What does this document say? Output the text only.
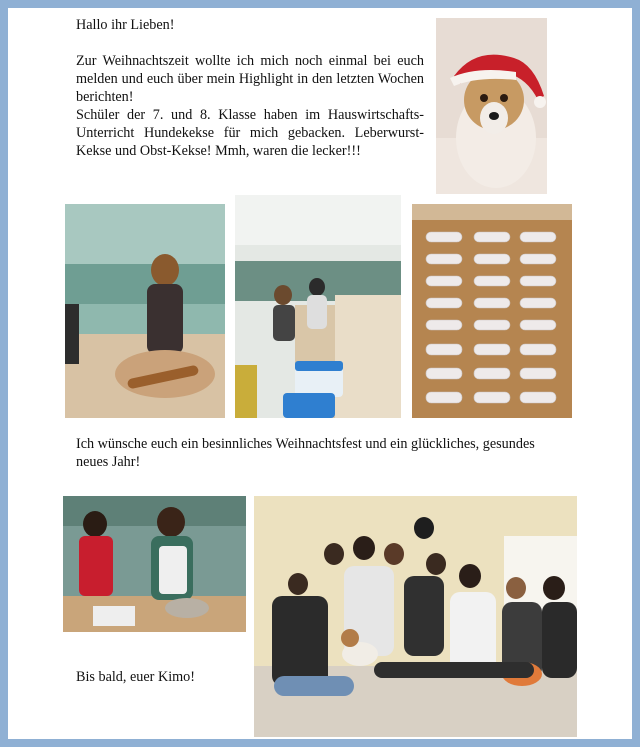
Hallo ihr Lieben!
Zur Weihnachtszeit wollte ich mich noch einmal bei euch melden und euch über mein Highlight in den letzten Wochen berichten!
Schüler der 7. und 8. Klasse haben im Hauswirtschafts-Unterricht Hundekekse für mich gebacken. Leberwurst-Kekse und Obst-Kekse! Mmh, waren die lecker!!!
Ich wünsche euch ein besinnliches Weihnachtsfest und ein glückliches, gesundes neues Jahr!
Bis bald, euer Kimo!
